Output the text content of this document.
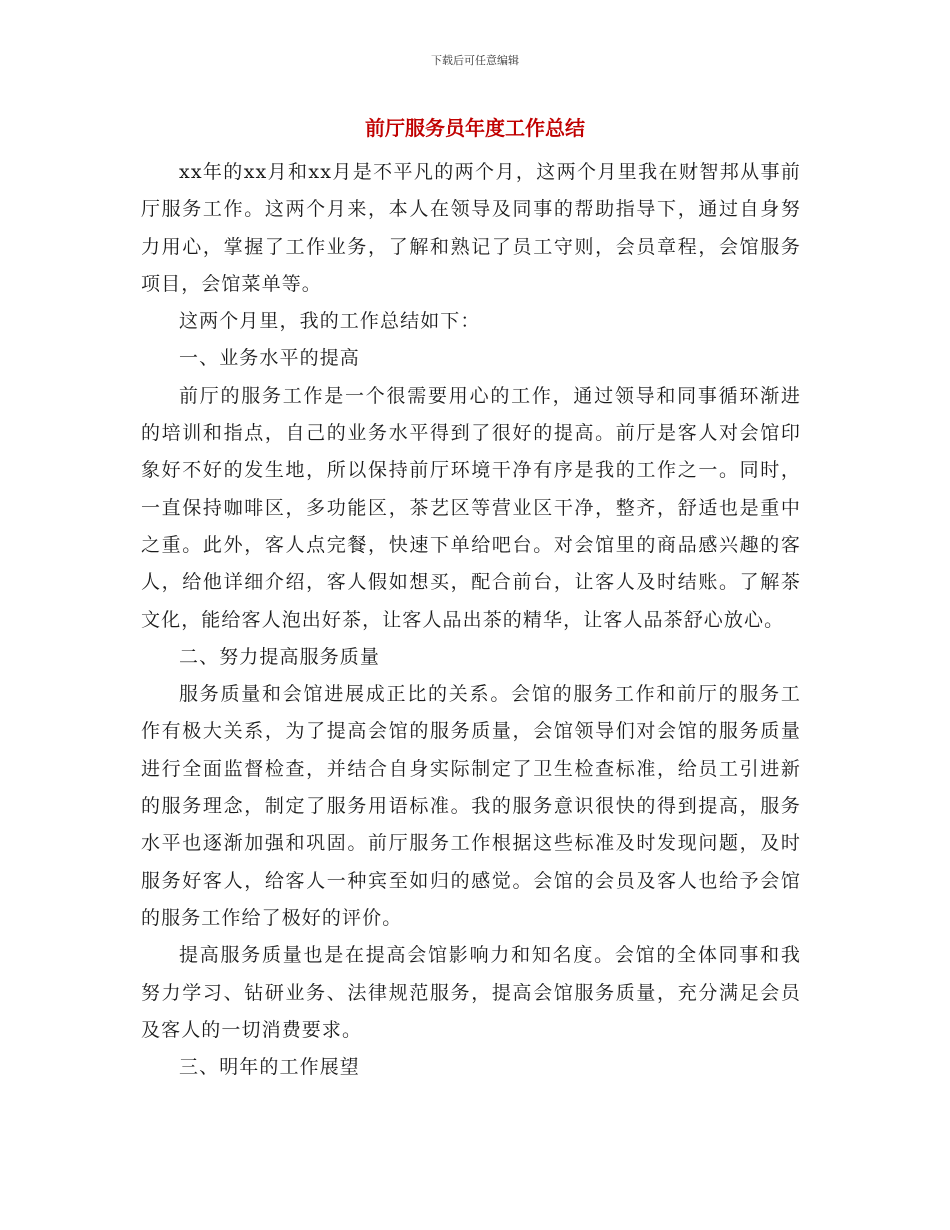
下载后可任意编辑
前厅服务员年度工作总结

xx年的xx月和xx月是不平凡的两个月，这两个月里我在财智邦从事前厅服务工作。这两个月来，本人在领导及同事的帮助指导下，通过自身努力用心，掌握了工作业务，了解和熟记了员工守则，会员章程，会馆服务项目，会馆菜单等。

这两个月里，我的工作总结如下：

一、业务水平的提高

前厅的服务工作是一个很需要用心的工作，通过领导和同事循环渐进的培训和指点，自己的业务水平得到了很好的提高。前厅是客人对会馆印象好不好的发生地，所以保持前厅环境干净有序是我的工作之一。同时，一直保持咖啡区，多功能区，茶艺区等营业区干净，整齐，舒适也是重中之重。此外，客人点完餐，快速下单给吧台。对会馆里的商品感兴趣的客人，给他详细介绍，客人假如想买，配合前台，让客人及时结账。了解茶文化，能给客人泡出好茶，让客人品出茶的精华，让客人品茶舒心放心。

二、努力提高服务质量

服务质量和会馆进展成正比的关系。会馆的服务工作和前厅的服务工作有极大关系，为了提高会馆的服务质量，会馆领导们对会馆的服务质量进行全面监督检查，并结合自身实际制定了卫生检查标准，给员工引进新的服务理念，制定了服务用语标准。我的服务意识很快的得到提高，服务水平也逐渐加强和巩固。前厅服务工作根据这些标准及时发现问题，及时服务好客人，给客人一种宾至如归的感觉。会馆的会员及客人也给予会馆的服务工作给了极好的评价。

提高服务质量也是在提高会馆影响力和知名度。会馆的全体同事和我努力学习、钻研业务、法律规范服务，提高会馆服务质量，充分满足会员及客人的一切消费要求。

三、明年的工作展望
